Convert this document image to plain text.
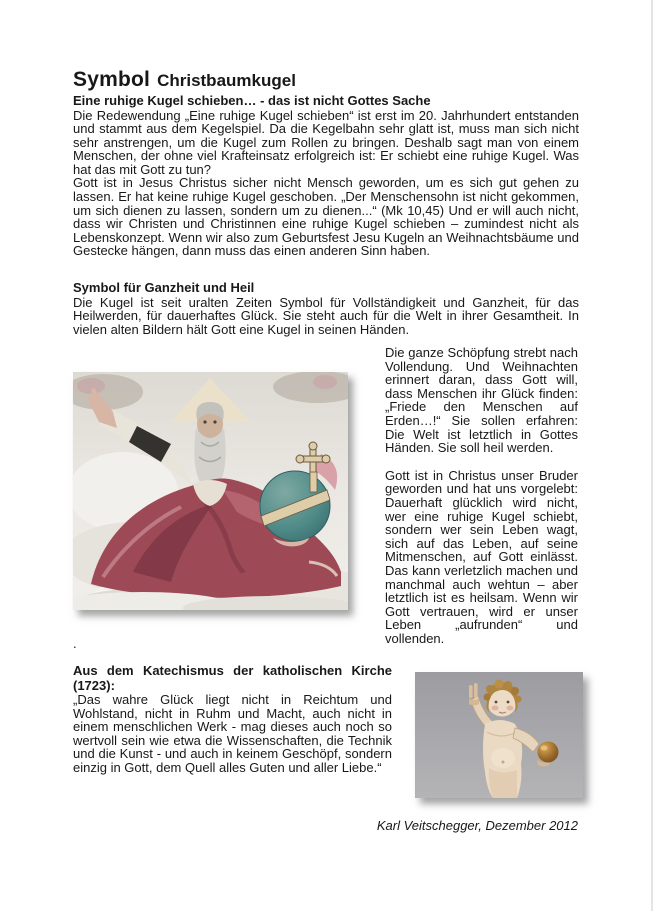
Symbol Christbaumkugel
Eine ruhige Kugel schieben… - das ist nicht Gottes Sache

Die Redewendung „Eine ruhige Kugel schieben“ ist erst im 20. Jahrhundert entstanden und stammt aus dem Kegelspiel. Da die Kegelbahn sehr glatt ist, muss man sich nicht sehr anstrengen, um die Kugel zum Rollen zu bringen. Deshalb sagt man von einem Menschen, der ohne viel Krafteinsatz erfolgreich ist: Er schiebt eine ruhige Kugel. Was hat das mit Gott zu tun?

Gott ist in Jesus Christus sicher nicht Mensch geworden, um es sich gut gehen zu lassen. Er hat keine ruhige Kugel geschoben. „Der Menschensohn ist nicht gekommen, um sich dienen zu lassen, sondern um zu dienen...“ (Mk 10,45) Und er will auch nicht, dass wir Christen und Christinnen eine ruhige Kugel schieben – zumindest nicht als Lebenskonzept. Wenn wir also zum Geburtsfest Jesu Kugeln an Weihnachtsbäume und Gestecke hängen, dann muss das einen anderen Sinn haben.

Symbol für Ganzheit und Heil

Die Kugel ist seit uralten Zeiten Symbol für Vollständigkeit und Ganzheit, für das Heilwerden, für dauerhaftes Glück. Sie steht auch für die Welt in ihrer Gesamtheit. In vielen alten Bildern hält Gott eine Kugel in seinen Händen.

Die ganze Schöpfung strebt nach Vollendung. Und Weihnachten erinnert daran, dass Gott will, dass Menschen ihr Glück finden: „Friede den Menschen auf Erden…!“ Sie sollen erfahren: Die Welt ist letztlich in Gottes Händen. Sie soll heil werden.

Gott ist in Christus unser Bruder geworden und hat uns vorgelebt: Dauerhaft glücklich wird nicht, wer eine ruhige Kugel schiebt, sondern wer sein Leben wagt, sich auf das Leben, auf seine Mitmenschen, auf Gott einlässt. Das kann verletzlich machen und manchmal auch wehtun – aber letztlich ist es heilsam. Wenn wir Gott vertrauen, wird er unser Leben „aufrunden“ und vollenden.

.
Aus dem Katechismus der katholischen Kirche (1723):

„Das wahre Glück liegt nicht in Reichtum und Wohlstand, nicht in Ruhm und Macht, auch nicht in einem menschlichen Werk - mag dieses auch noch so wertvoll sein wie etwa die Wissenschaften, die Technik und die Kunst - und auch in keinem Geschöpf, sondern einzig in Gott, dem Quell alles Guten und aller Liebe.“

Karl Veitschegger, Dezember 2012
